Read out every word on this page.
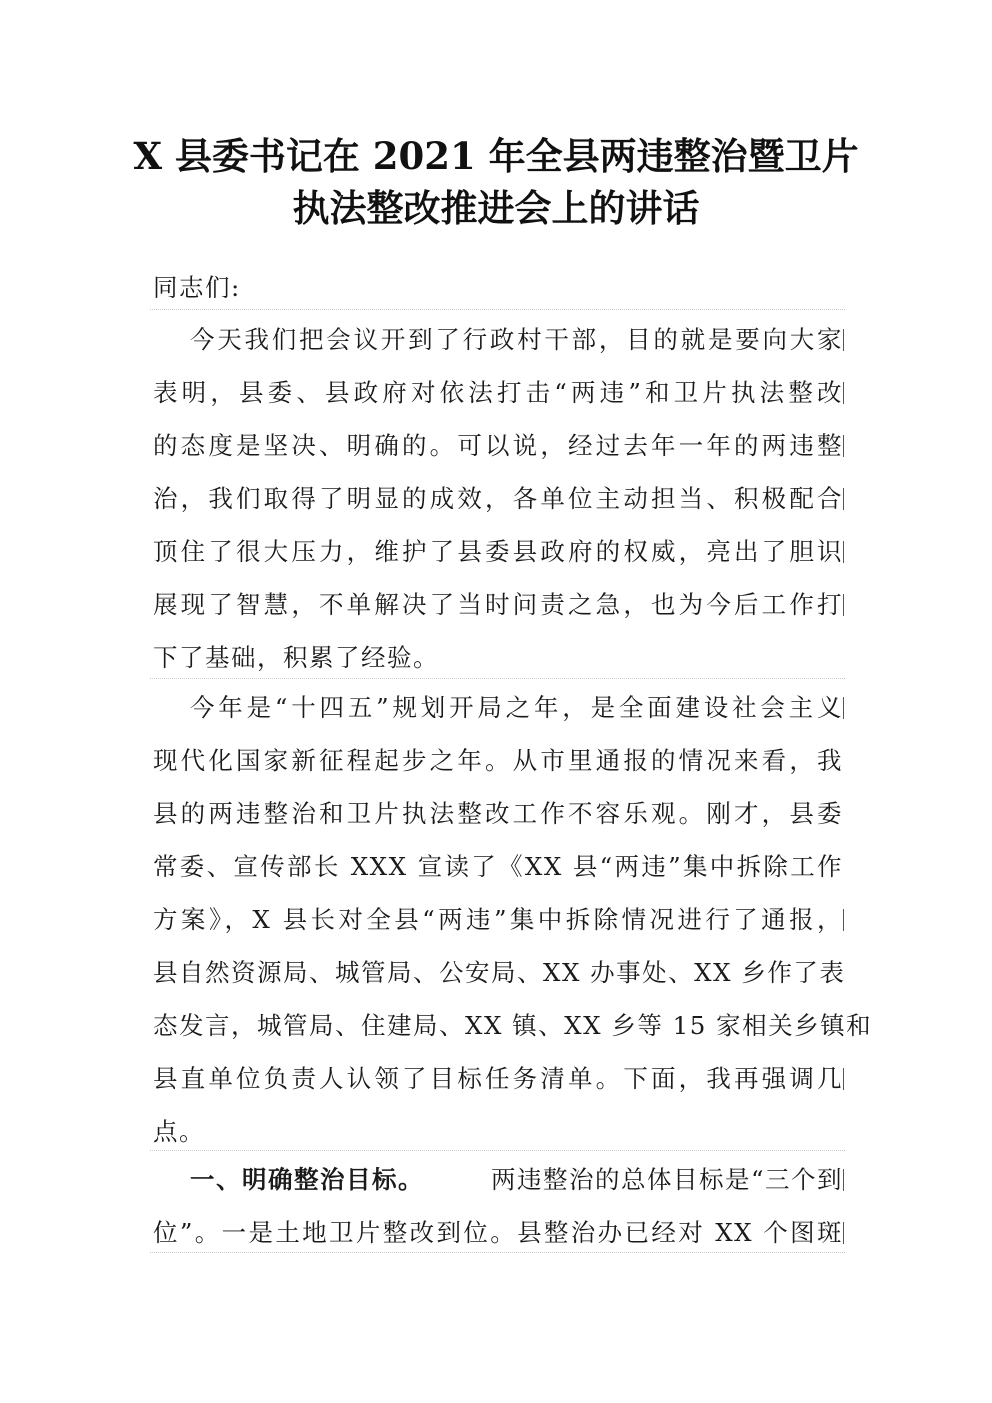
X 县委书记在 2021 年全县两违整治暨卫片
执法整改推进会上的讲话
同志们:
今天我们把会议开到了行政村干部，目的就是要向大家
表明，县委、县政府对依法打击“两违”和卫片执法整改
的态度是坚决、明确的。可以说，经过去年一年的两违整
治，我们取得了明显的成效，各单位主动担当、积极配合
顶住了很大压力，维护了县委县政府的权威，亮出了胆识
展现了智慧，不单解决了当时问责之急，也为今后工作打
下了基础，积累了经验。
今年是“十四五”规划开局之年，是全面建设社会主义
现代化国家新征程起步之年。从市里通报的情况来看，我
县的两违整治和卫片执法整改工作不容乐观。刚才，县委
常委、宣传部长 XXX 宣读了《XX 县“两违”集中拆除工作
方案》，X 县长对全县“两违”集中拆除情况进行了通报，
县自然资源局、城管局、公安局、XX 办事处、XX 乡作了表
态发言，城管局、住建局、XX 镇、XX 乡等 15 家相关乡镇和
县直单位负责人认领了目标任务清单。下面，我再强调几
点。
一、明确整治目标。	两违整治的总体目标是“三个到
位”。一是土地卫片整改到位。县整治办已经对 XX 个图斑
